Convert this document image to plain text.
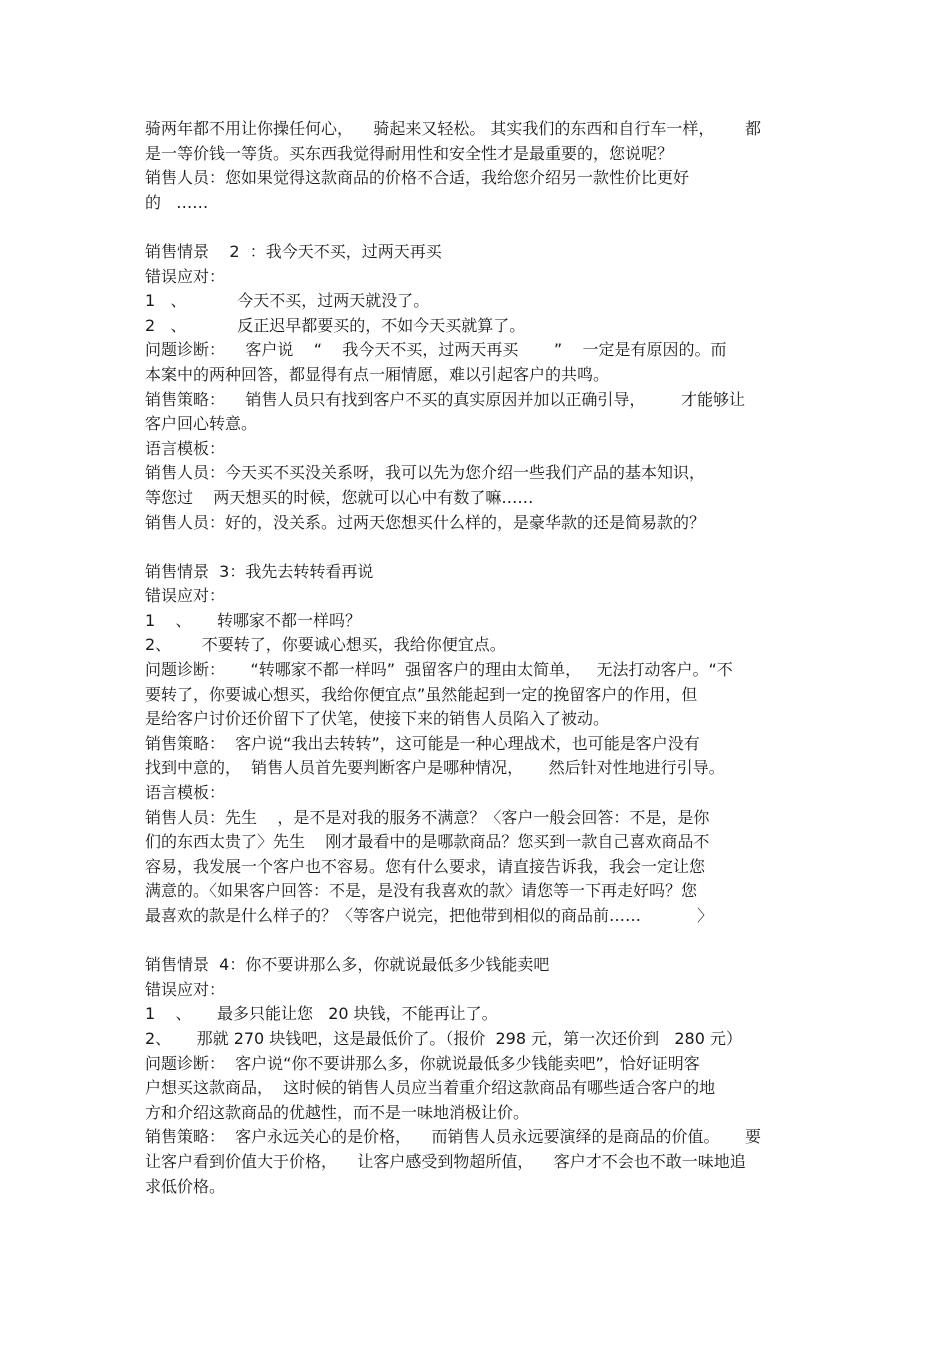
骑两年都不用让你操任何心，    骑起来又轻松。 其实我们的东西和自行车一样，      都
是一等价钱一等货。买东西我觉得耐用性和安全性才是最重要的，您说呢？
销售人员：您如果觉得这款商品的价格不合适，我给您介绍另一款性价比更好
的   ……
销售情景    2  ：我今天不买，过两天再买
错误应对：
1   、          今天不买，过两天就没了。
2   、          反正迟早都要买的，不如今天买就算了。
问题诊断：    客户说    “    我今天不买，过两天再买       ”    一定是有原因的。而
本案中的两种回答，都显得有点一厢情愿，难以引起客户的共鸣。
销售策略：    销售人员只有找到客户不买的真实原因并加以正确引导，       才能够让
客户回心转意。
语言模板：
销售人员：今天买不买没关系呀，我可以先为您介绍一些我们产品的基本知识，
等您过    两天想买的时候，您就可以心中有数了嘛……
销售人员：好的，没关系。过两天您想买什么样的，是豪华款的还是简易款的？
销售情景  3：我先去转转看再说
错误应对：
1    、     转哪家不都一样吗？
2、      不要转了，你要诚心想买，我给你便宜点。
问题诊断：     “转哪家不都一样吗”  强留客户的理由太简单，   无法打动客户。“不
要转了，你要诚心想买，我给你便宜点”虽然能起到一定的挽留客户的作用，但
是给客户讨价还价留下了伏笔，使接下来的销售人员陷入了被动。
销售策略：  客户说“我出去转转”，这可能是一种心理战术，也可能是客户没有
找到中意的，  销售人员首先要判断客户是哪种情况，     然后针对性地进行引导。
语言模板：
销售人员：先生    ，是不是对我的服务不满意？〈客户一般会回答：不是，是你
们的东西太贵了〉先生    刚才最看中的是哪款商品？您买到一款自己喜欢商品不
容易，我发展一个客户也不容易。您有什么要求，请直接告诉我，我会一定让您
满意的。〈如果客户回答：不是，是没有我喜欢的款〉请您等一下再走好吗？您
最喜欢的款是什么样子的？〈等客户说完，把他带到相似的商品前……           〉
销售情景  4：你不要讲那么多，你就说最低多少钱能卖吧
错误应对：
1    、     最多只能让您   20 块钱，不能再让了。
2、     那就 270 块钱吧，这是最低价了。（报价  298 元，第一次还价到   280 元）
问题诊断：  客户说“你不要讲那么多，你就说最低多少钱能卖吧”，恰好证明客
户想买这款商品，  这时候的销售人员应当着重介绍这款商品有哪些适合客户的地
方和介绍这款商品的优越性，而不是一味地消极让价。
销售策略：  客户永远关心的是价格，    而销售人员永远要演绎的是商品的价值。     要
让客户看到价值大于价格，    让客户感受到物超所值，    客户才不会也不敢一味地追
求低价格。
